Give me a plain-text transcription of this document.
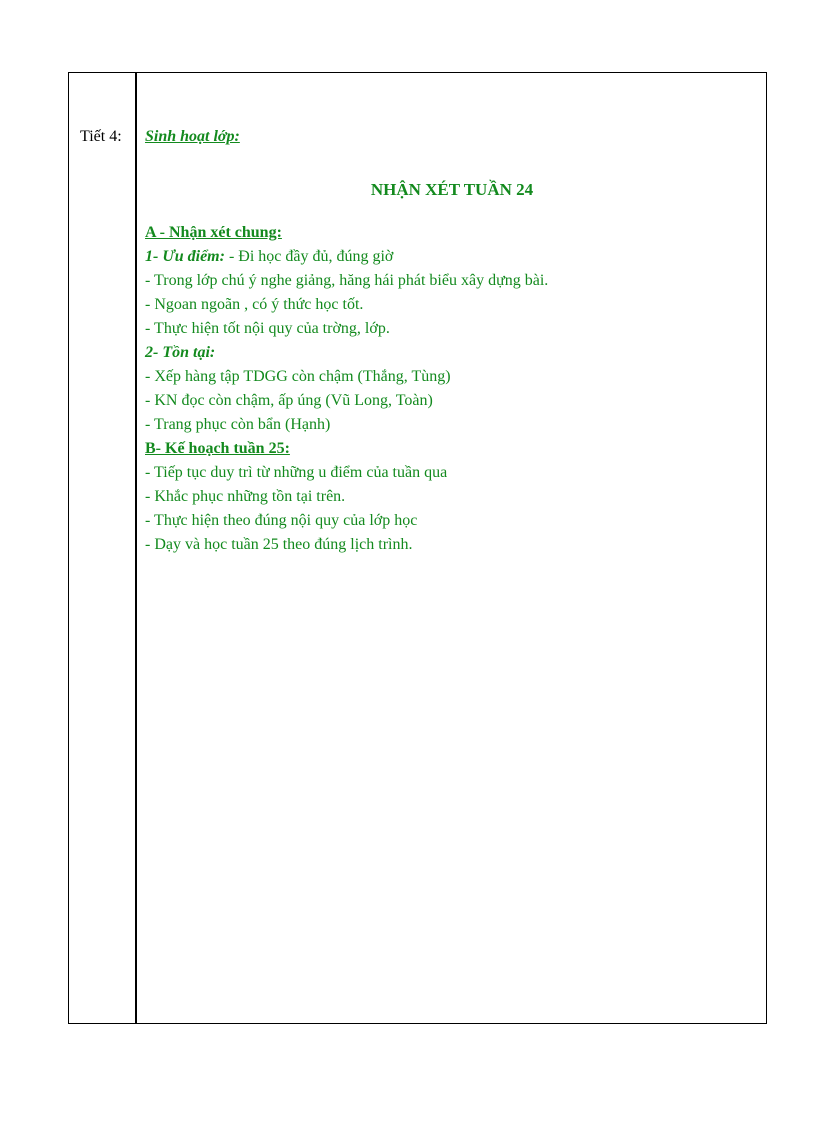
Tiết 4: Sinh hoạt lớp:
NHẬN XÉT TUẦN 24
A - Nhận xét chung:
1- Ưu điểm: - Đi học đầy đủ, đúng giờ
- Trong lớp chú ý nghe giảng, hăng hái phát biểu xây dựng bài.
- Ngoan ngoãn , có ý thức học tốt.
- Thực hiện tốt nội quy của trờng, lớp.
2- Tồn tại:
- Xếp hàng tập TDGG còn chậm (Thắng, Tùng)
- KN đọc còn chậm, ấp úng (Vũ Long, Toàn)
- Trang phục còn bẩn (Hạnh)
B- Kế hoạch tuần 25:
- Tiếp tục duy trì từ những u điểm của tuần qua
- Khắc phục những tồn tại trên.
- Thực hiện theo đúng nội quy của lớp học
- Dạy và học tuần 25 theo đúng lịch trình.
